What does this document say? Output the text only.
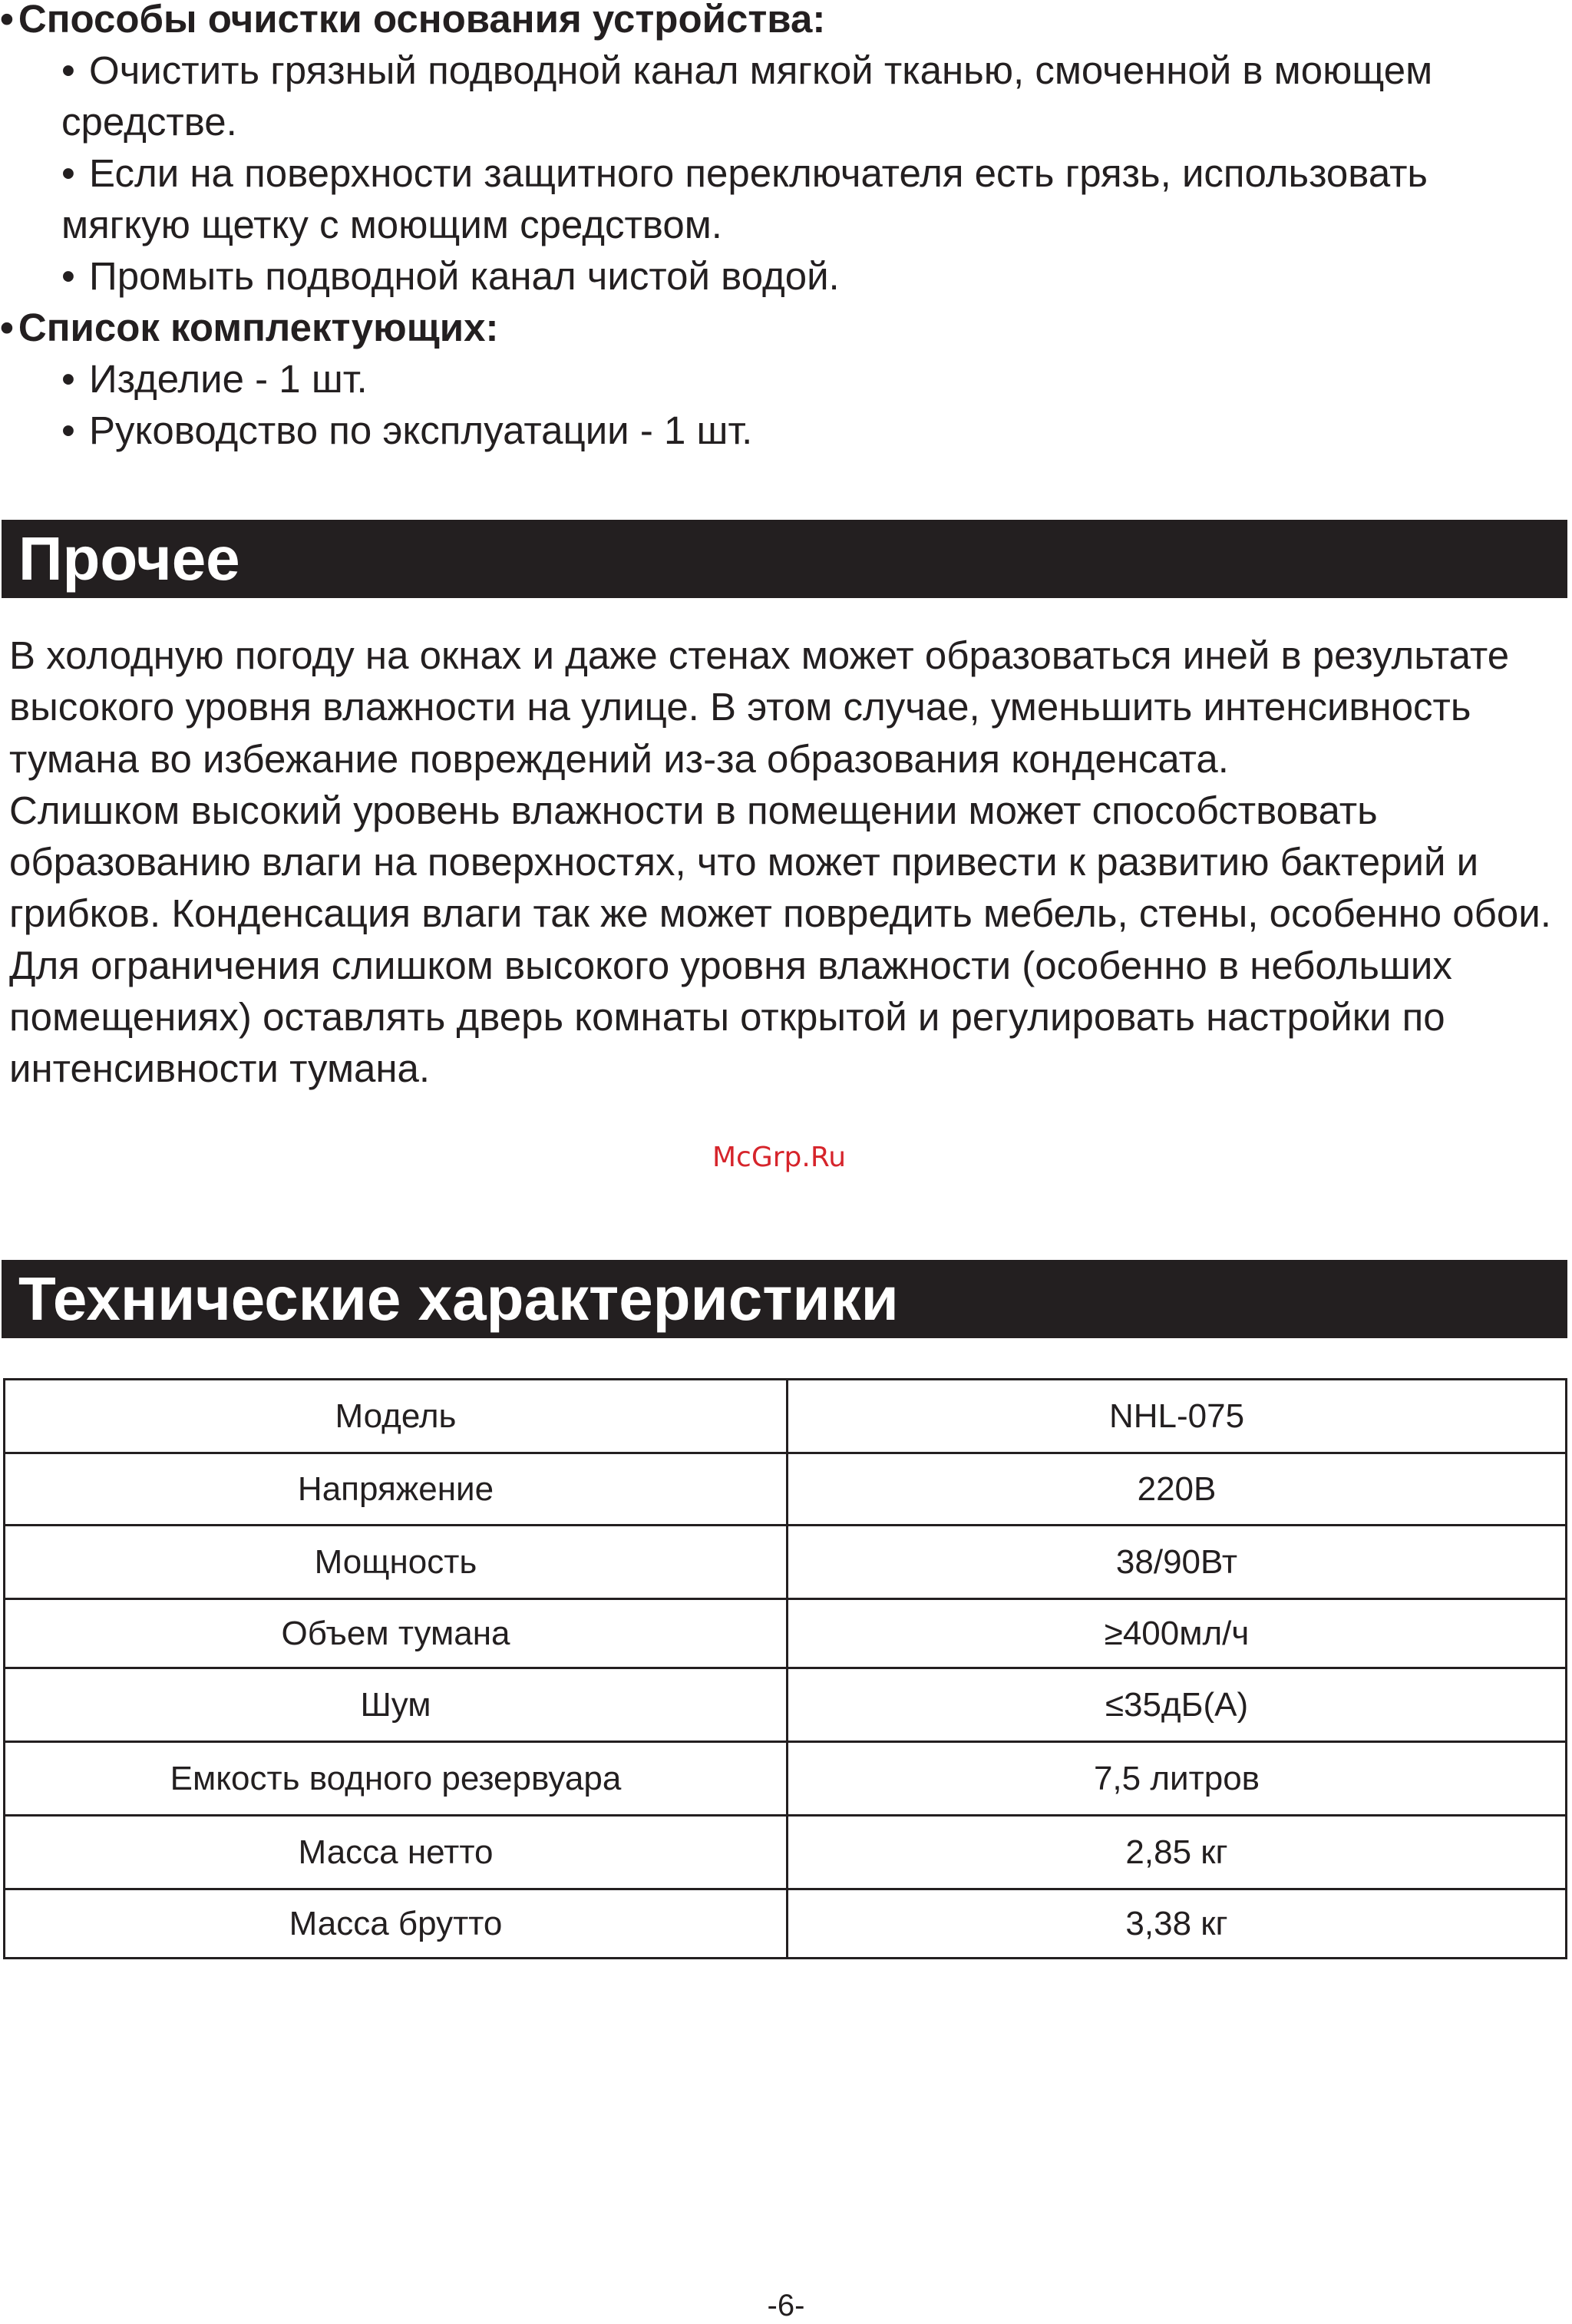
• Способы очистки основания устройства:
• Очистить грязный подводной канал мягкой тканью, смоченной в моющем средстве.
• Если на поверхности защитного переключателя есть грязь, использовать мягкую щетку с моющим средством.
• Промыть подводной канал чистой водой.
• Список комплектующих:
• Изделие - 1 шт.
• Руководство по эксплуатации - 1 шт.
Прочее

В холодную погоду на окнах и даже стенах может образоваться иней в результате высокого уровня влажности на улице. В этом случае, уменьшить интенсивность тумана во избежание повреждений из-за образования конденсата.

Слишком высокий уровень влажности в помещении может способствовать образованию влаги на поверхностях, что может привести к развитию бактерий и грибков. Конденсация влаги так же может повредить мебель, стены, особенно обои.

Для ограничения слишком высокого уровня влажности (особенно в небольших помещениях) оставлять дверь комнаты открытой и регулировать настройки по интенсивности тумана.

McGrp.Ru
Технические характеристики
Модель	NHL-075
Напряжение	220В
Мощность	38/90Вт
Объем тумана	≥400мл/ч
Шум	≤35дБ(А)
Емкость водного резервуара	7,5 литров
Масса нетто	2,85 кг
Масса брутто	3,38 кг
-6-
